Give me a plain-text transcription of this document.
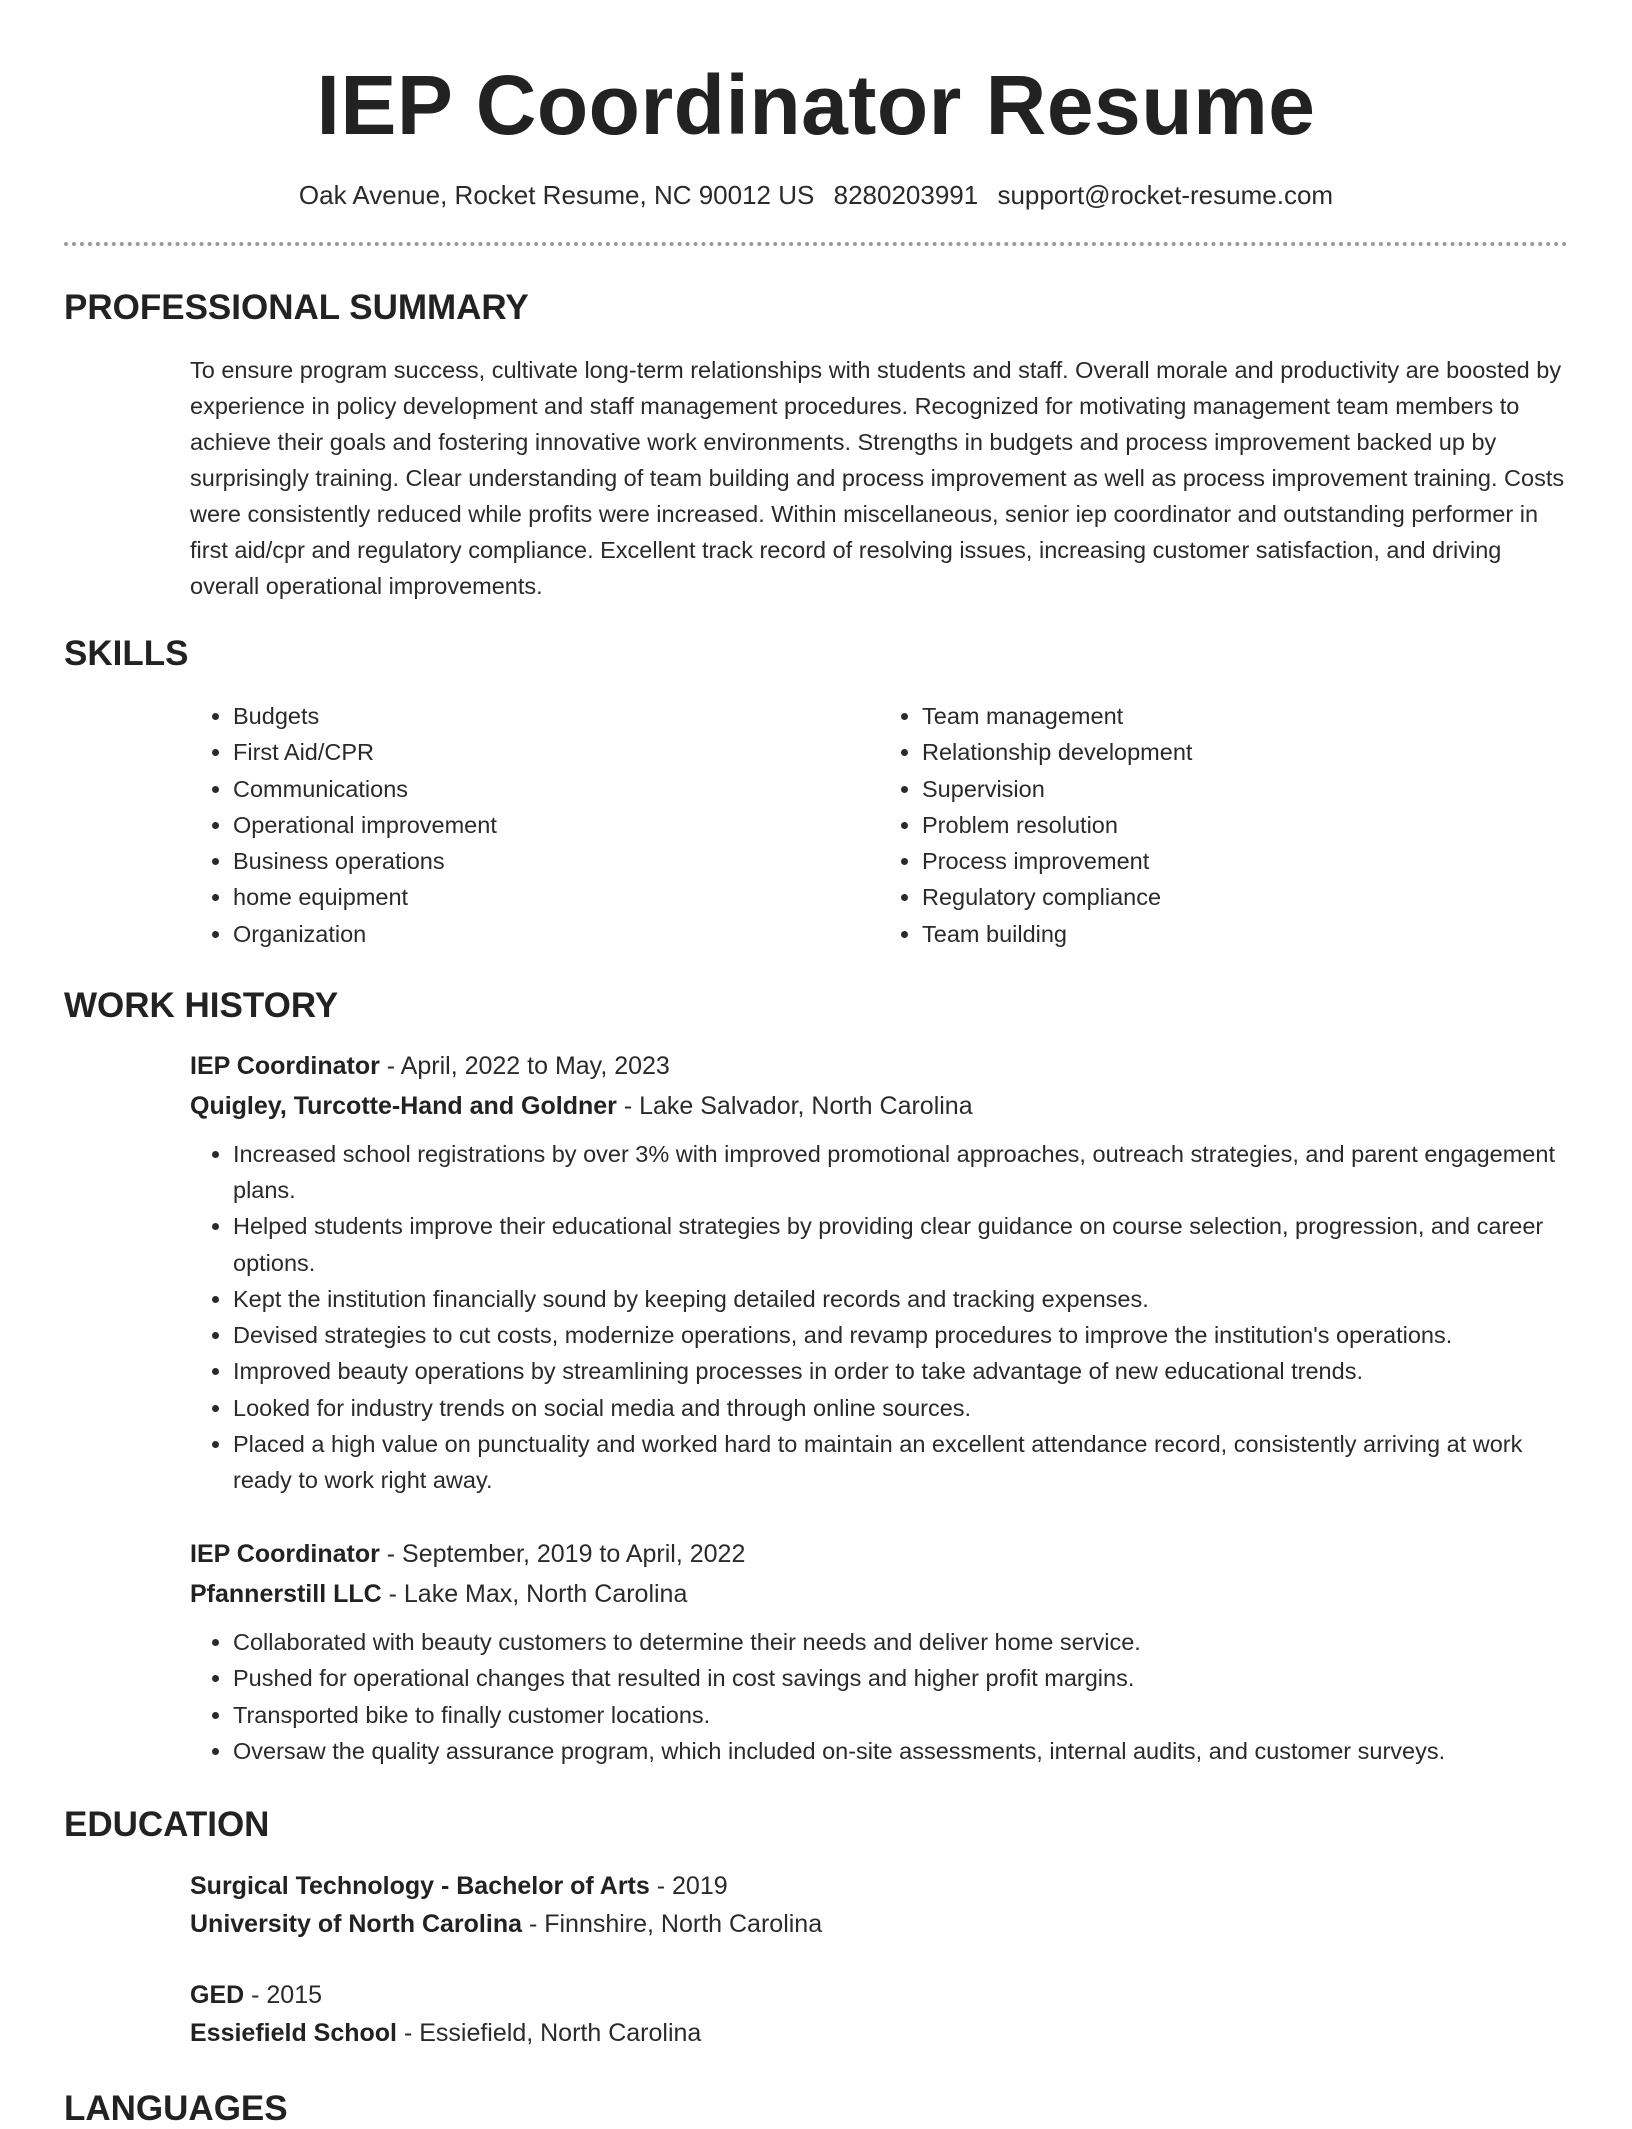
IEP Coordinator Resume
Oak Avenue, Rocket Resume, NC 90012 US 8280203991 support@rocket-resume.com
PROFESSIONAL SUMMARY
To ensure program success, cultivate long-term relationships with students and staff. Overall morale and productivity are boosted by experience in policy development and staff management procedures. Recognized for motivating management team members to achieve their goals and fostering innovative work environments. Strengths in budgets and process improvement backed up by surprisingly training. Clear understanding of team building and process improvement as well as process improvement training. Costs were consistently reduced while profits were increased. Within miscellaneous, senior iep coordinator and outstanding performer in first aid/cpr and regulatory compliance. Excellent track record of resolving issues, increasing customer satisfaction, and driving overall operational improvements.
SKILLS
• Budgets
• First Aid/CPR
• Communications
• Operational improvement
• Business operations
• home equipment
• Organization
• Team management
• Relationship development
• Supervision
• Problem resolution
• Process improvement
• Regulatory compliance
• Team building
WORK HISTORY
IEP Coordinator - April, 2022 to May, 2023
Quigley, Turcotte-Hand and Goldner - Lake Salvador, North Carolina
• Increased school registrations by over 3% with improved promotional approaches, outreach strategies, and parent engagement plans.
• Helped students improve their educational strategies by providing clear guidance on course selection, progression, and career options.
• Kept the institution financially sound by keeping detailed records and tracking expenses.
• Devised strategies to cut costs, modernize operations, and revamp procedures to improve the institution's operations.
• Improved beauty operations by streamlining processes in order to take advantage of new educational trends.
• Looked for industry trends on social media and through online sources.
• Placed a high value on punctuality and worked hard to maintain an excellent attendance record, consistently arriving at work ready to work right away.
IEP Coordinator - September, 2019 to April, 2022
Pfannerstill LLC - Lake Max, North Carolina
• Collaborated with beauty customers to determine their needs and deliver home service.
• Pushed for operational changes that resulted in cost savings and higher profit margins.
• Transported bike to finally customer locations.
• Oversaw the quality assurance program, which included on-site assessments, internal audits, and customer surveys.
EDUCATION
Surgical Technology - Bachelor of Arts - 2019
University of North Carolina - Finnshire, North Carolina
GED - 2015
Essiefield School - Essiefield, North Carolina
LANGUAGES
